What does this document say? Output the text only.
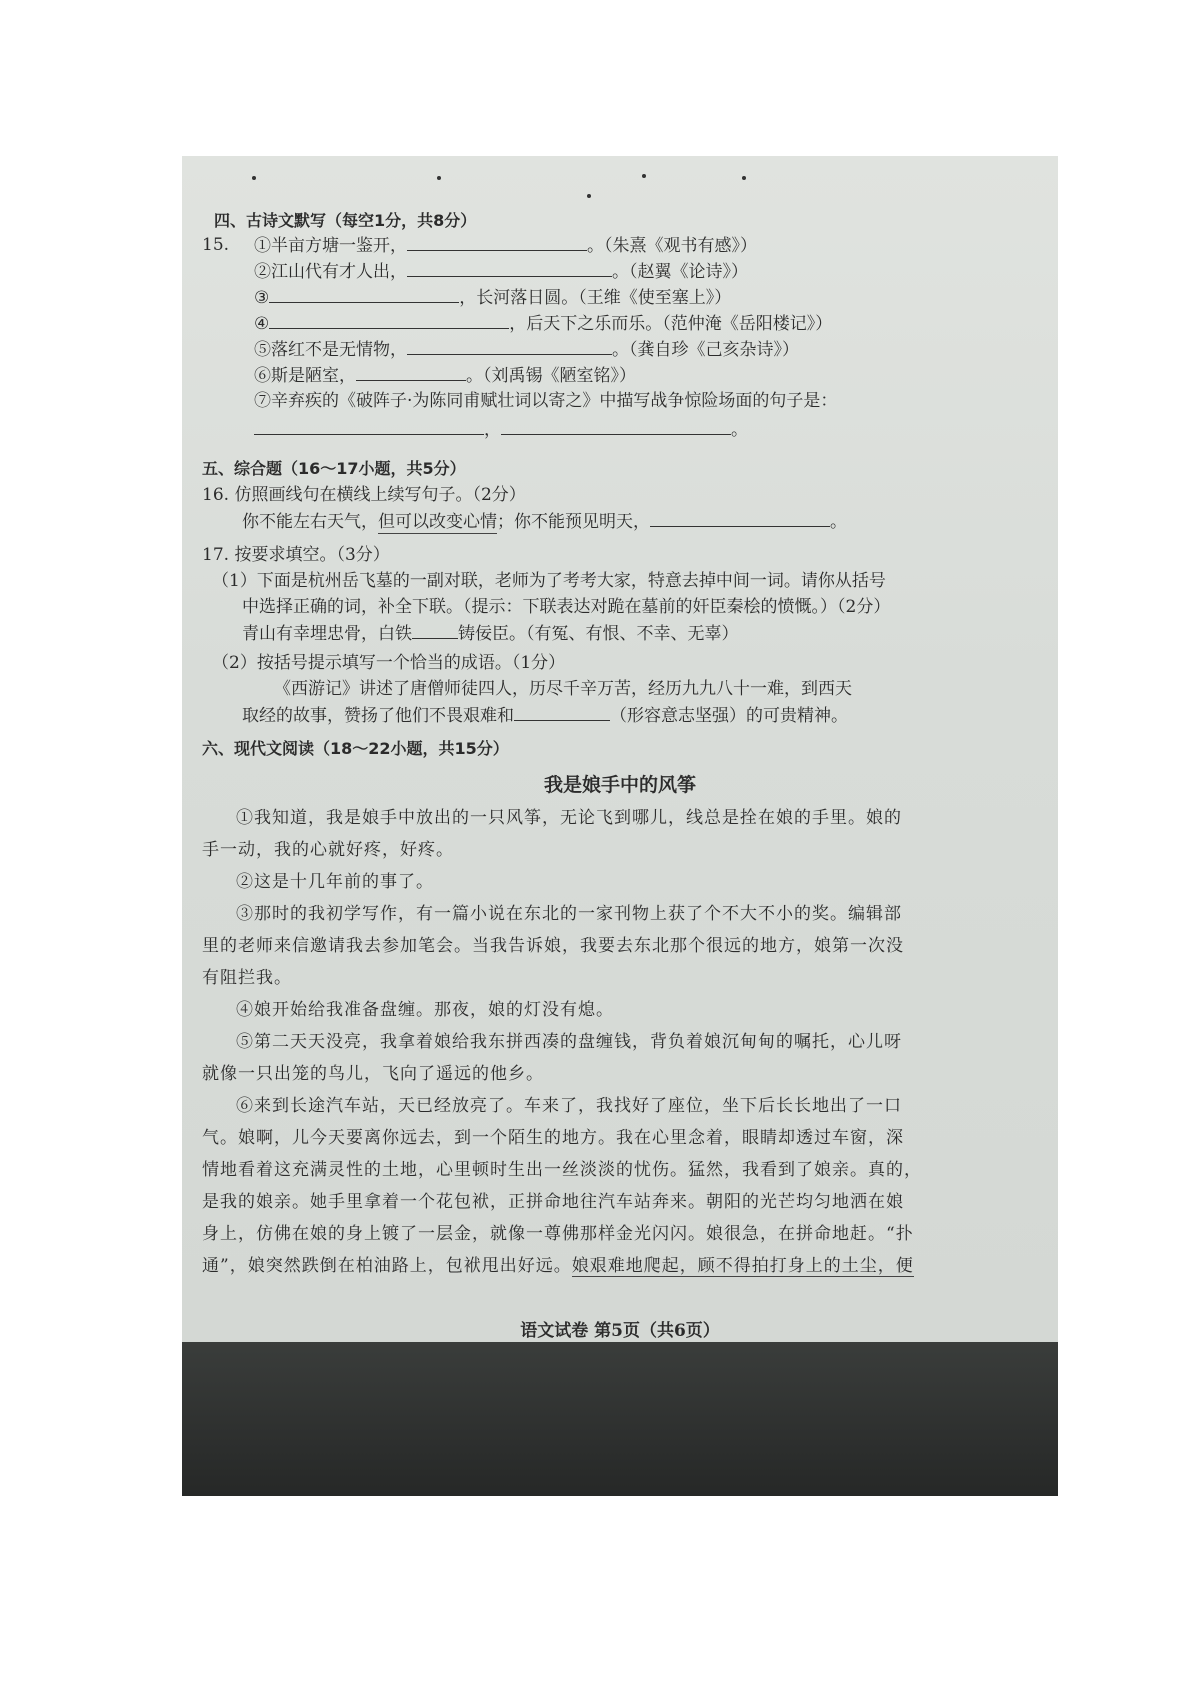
四、古诗文默写（每空1分，共8分）
15. ①半亩方塘一鉴开，	。（朱熹《观书有感》）
②江山代有才人出，	。（赵翼《论诗》）
③	，长河落日圆。（王维《使至塞上》）
④	，后天下之乐而乐。（范仲淹《岳阳楼记》）
⑤落红不是无情物，	。（龚自珍《己亥杂诗》）
⑥斯是陋室，	。（刘禹锡《陋室铭》）
⑦辛弃疾的《破阵子·为陈同甫赋壮词以寄之》中描写战争惊险场面的句子是：
，	。
五、综合题（16～17小题，共5分）
16. 仿照画线句在横线上续写句子。（2分）
你不能左右天气，但可以改变心情；你不能预见明天，	。
17. 按要求填空。（3分）
（1）下面是杭州岳飞墓的一副对联，老师为了考考大家，特意去掉中间一词。请你从括号
中选择正确的词，补全下联。（提示：下联表达对跪在墓前的奸臣秦桧的愤慨。）（2分）
青山有幸埋忠骨，白铁	铸佞臣。（有冤、有恨、不幸、无辜）
（2）按括号提示填写一个恰当的成语。（1分）
《西游记》讲述了唐僧师徒四人，历尽千辛万苦，经历九九八十一难，到西天
取经的故事，赞扬了他们不畏艰难和	（形容意志坚强）的可贵精神。
六、现代文阅读（18～22小题，共15分）
我是娘手中的风筝
①我知道，我是娘手中放出的一只风筝，无论飞到哪儿，线总是拴在娘的手里。娘的
手一动，我的心就好疼，好疼。
②这是十几年前的事了。
③那时的我初学写作，有一篇小说在东北的一家刊物上获了个不大不小的奖。编辑部
里的老师来信邀请我去参加笔会。当我告诉娘，我要去东北那个很远的地方，娘第一次没
有阻拦我。
④娘开始给我准备盘缠。那夜，娘的灯没有熄。
⑤第二天天没亮，我拿着娘给我东拼西凑的盘缠钱，背负着娘沉甸甸的嘱托，心儿呀
就像一只出笼的鸟儿，飞向了遥远的他乡。
⑥来到长途汽车站，天已经放亮了。车来了，我找好了座位，坐下后长长地出了一口
气。娘啊，儿今天要离你远去，到一个陌生的地方。我在心里念着，眼睛却透过车窗，深
情地看着这充满灵性的土地，心里顿时生出一丝淡淡的忧伤。猛然，我看到了娘亲。真的，
是我的娘亲。她手里拿着一个花包袱，正拼命地往汽车站奔来。朝阳的光芒均匀地洒在娘
身上，仿佛在娘的身上镀了一层金，就像一尊佛那样金光闪闪。娘很急，在拼命地赶。“扑
通”，娘突然跌倒在柏油路上，包袱甩出好远。娘艰难地爬起，顾不得拍打身上的土尘，便
语文试卷 第5页（共6页）
